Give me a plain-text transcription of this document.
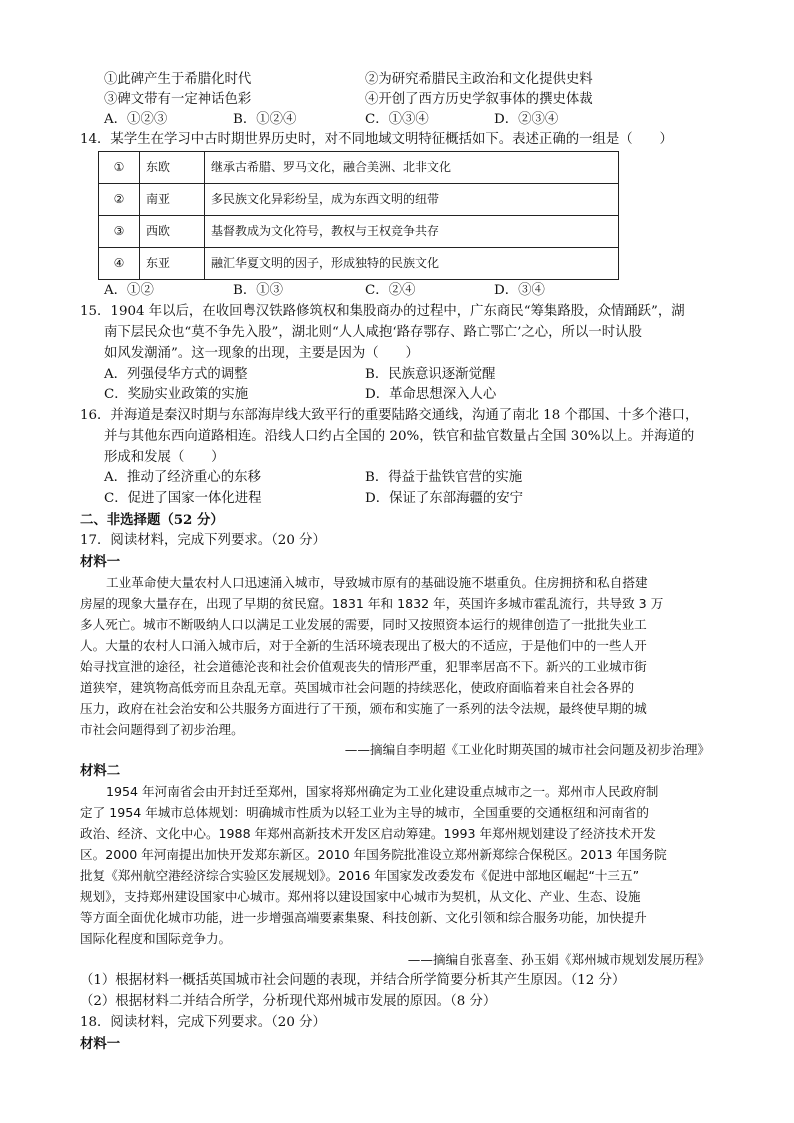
①此碑产生于希腊化时代	②为研究希腊民主政治和文化提供史料
③碑文带有一定神话色彩	④开创了西方历史学叙事体的撰史体裁
A．①②③	B．①②④	C．①③④	D．②③④
14．某学生在学习中古时期世界历史时，对不同地域文明特征概括如下。表述正确的一组是（　　）
①	东欧	继承古希腊、罗马文化，融合美洲、北非文化
②	南亚	多民族文化异彩纷呈，成为东西文明的纽带
③	西欧	基督教成为文化符号，教权与王权竞争共存
④	东亚	融汇华夏文明的因子，形成独特的民族文化
A．①②	B．①③	C．②④	D．③④
15．1904 年以后，在收回粤汉铁路修筑权和集股商办的过程中，广东商民“筹集路股，众情踊跃”，湖
南下层民众也“莫不争先入股”，湖北则“人人咸抱‘路存鄂存、路亡鄂亡’之心，所以一时认股
如风发潮涌”。这一现象的出现，主要是因为（　　）
A．列强侵华方式的调整	B．民族意识逐渐觉醒
C．奖励实业政策的实施	D．革命思想深入人心
16．并海道是秦汉时期与东部海岸线大致平行的重要陆路交通线，沟通了南北 18 个郡国、十多个港口，
并与其他东西向道路相连。沿线人口约占全国的 20%，铁官和盐官数量占全国 30%以上。并海道的
形成和发展（　　）
A．推动了经济重心的东移	B．得益于盐铁官营的实施
C．促进了国家一体化进程	D．保证了东部海疆的安宁
二、非选择题（52 分）
17．阅读材料，完成下列要求。（20 分）
材料一
工业革命使大量农村人口迅速涌入城市，导致城市原有的基础设施不堪重负。住房拥挤和私自搭建
房屋的现象大量存在，出现了早期的贫民窟。1831 年和 1832 年，英国许多城市霍乱流行，共导致 3 万
多人死亡。城市不断吸纳人口以满足工业发展的需要，同时又按照资本运行的规律创造了一批批失业工
人。大量的农村人口涌入城市后，对于全新的生活环境表现出了极大的不适应，于是他们中的一些人开
始寻找宣泄的途径，社会道德沦丧和社会价值观丧失的情形严重，犯罪率居高不下。新兴的工业城市街
道狭窄，建筑物高低旁而且杂乱无章。英国城市社会问题的持续恶化，使政府面临着来自社会各界的
压力，政府在社会治安和公共服务方面进行了干预，颁布和实施了一系列的法令法规，最终使早期的城
市社会问题得到了初步治理。
——摘编自李明超《工业化时期英国的城市社会问题及初步治理》
材料二
1954 年河南省会由开封迁至郑州，国家将郑州确定为工业化建设重点城市之一。郑州市人民政府制
定了 1954 年城市总体规划：明确城市性质为以轻工业为主导的城市，全国重要的交通枢纽和河南省的
政治、经济、文化中心。1988 年郑州高新技术开发区启动筹建。1993 年郑州规划建设了经济技术开发
区。2000 年河南提出加快开发郑东新区。2010 年国务院批准设立郑州新郑综合保税区。2013 年国务院
批复《郑州航空港经济综合实验区发展规划》。2016 年国家发改委发布《促进中部地区崛起“十三五”
规划》，支持郑州建设国家中心城市。郑州将以建设国家中心城市为契机，从文化、产业、生态、设施
等方面全面优化城市功能，进一步增强高端要素集聚、科技创新、文化引领和综合服务功能，加快提升
国际化程度和国际竞争力。
——摘编自张喜奎、孙玉娟《郑州城市规划发展历程》
（1）根据材料一概括英国城市社会问题的表现，并结合所学简要分析其产生原因。（12 分）
（2）根据材料二并结合所学，分析现代郑州城市发展的原因。（8 分）
18．阅读材料，完成下列要求。（20 分）
材料一
